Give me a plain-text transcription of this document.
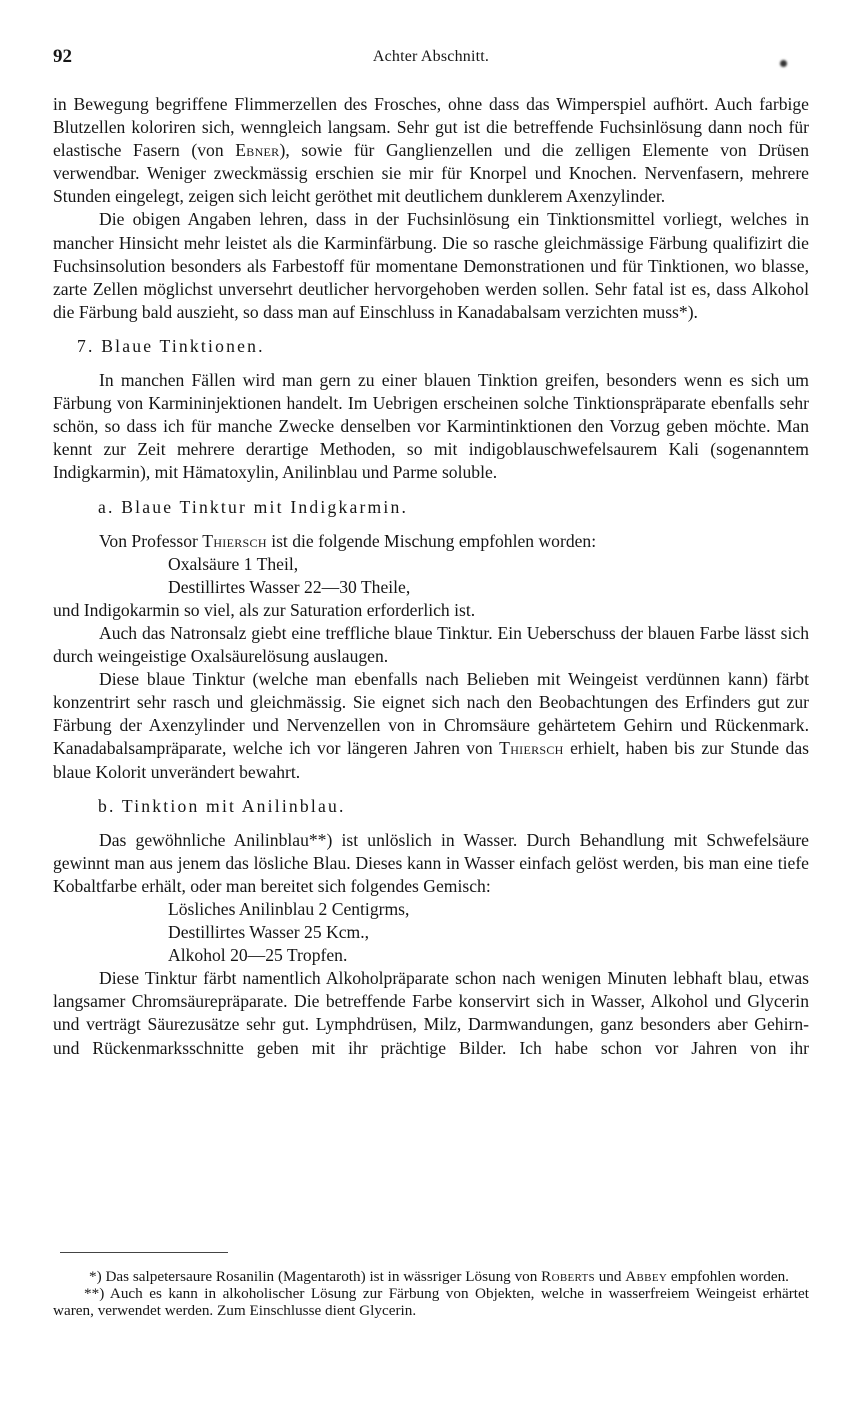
92	Achter Abschnitt.

in Bewegung begriffene Flimmerzellen des Frosches, ohne dass das Wimperspiel aufhört. Auch farbige Blutzellen koloriren sich, wenngleich langsam. Sehr gut ist die betreffende Fuchsinlösung dann noch für elastische Fasern (von Ebner), sowie für Ganglienzellen und die zelligen Elemente von Drüsen verwendbar. Weniger zweckmässig erschien sie mir für Knorpel und Knochen. Nervenfasern, mehrere Stunden eingelegt, zeigen sich leicht geröthet mit deutlichem dunklerem Axenzylinder.

Die obigen Angaben lehren, dass in der Fuchsinlösung ein Tinktionsmittel vorliegt, welches in mancher Hinsicht mehr leistet als die Karminfärbung. Die so rasche gleichmässige Färbung qualifizirt die Fuchsinsolution besonders als Farbestoff für momentane Demonstrationen und für Tinktionen, wo blasse, zarte Zellen möglichst unversehrt deutlicher hervorgehoben werden sollen. Sehr fatal ist es, dass Alkohol die Färbung bald auszieht, so dass man auf Einschluss in Kanadabalsam verzichten muss*).

7. Blaue Tinktionen.

In manchen Fällen wird man gern zu einer blauen Tinktion greifen, besonders wenn es sich um Färbung von Karmininjektionen handelt. Im Uebrigen erscheinen solche Tinktionspräparate ebenfalls sehr schön, so dass ich für manche Zwecke denselben vor Karmintinktionen den Vorzug geben möchte. Man kennt zur Zeit mehrere derartige Methoden, so mit indigoblauschwefelsaurem Kali (sogenanntem Indigkarmin), mit Hämatoxylin, Anilinblau und Parme soluble.

a. Blaue Tinktur mit Indigkarmin.

Von Professor Thiersch ist die folgende Mischung empfohlen worden:

Oxalsäure 1 Theil,

Destillirtes Wasser 22—30 Theile,

und Indigokarmin so viel, als zur Saturation erforderlich ist.

Auch das Natronsalz giebt eine treffliche blaue Tinktur. Ein Ueberschuss der blauen Farbe lässt sich durch weingeistige Oxalsäurelösung auslaugen.

Diese blaue Tinktur (welche man ebenfalls nach Belieben mit Weingeist verdünnen kann) färbt konzentrirt sehr rasch und gleichmässig. Sie eignet sich nach den Beobachtungen des Erfinders gut zur Färbung der Axenzylinder und Nervenzellen von in Chromsäure gehärtetem Gehirn und Rückenmark. Kanadabalsampräparate, welche ich vor längeren Jahren von Thiersch erhielt, haben bis zur Stunde das blaue Kolorit unverändert bewahrt.

b. Tinktion mit Anilinblau.

Das gewöhnliche Anilinblau**) ist unlöslich in Wasser. Durch Behandlung mit Schwefelsäure gewinnt man aus jenem das lösliche Blau. Dieses kann in Wasser einfach gelöst werden, bis man eine tiefe Kobaltfarbe erhält, oder man bereitet sich folgendes Gemisch:

Lösliches Anilinblau 2 Centigrms,

Destillirtes Wasser 25 Kcm.,

Alkohol 20—25 Tropfen.

Diese Tinktur färbt namentlich Alkoholpräparate schon nach wenigen Minuten lebhaft blau, etwas langsamer Chromsäurepräparate. Die betreffende Farbe konservirt sich in Wasser, Alkohol und Glycerin und verträgt Säurezusätze sehr gut. Lymphdrüsen, Milz, Darmwandungen, ganz besonders aber Gehirn- und Rückenmarksschnitte geben mit ihr prächtige Bilder. Ich habe schon vor Jahren von ihr

*) Das salpetersaure Rosanilin (Magentaroth) ist in wässriger Lösung von Roberts und Abbey empfohlen worden.

**) Auch es kann in alkoholischer Lösung zur Färbung von Objekten, welche in wasserfreiem Weingeist erhärtet waren, verwendet werden. Zum Einschlusse dient Glycerin.
